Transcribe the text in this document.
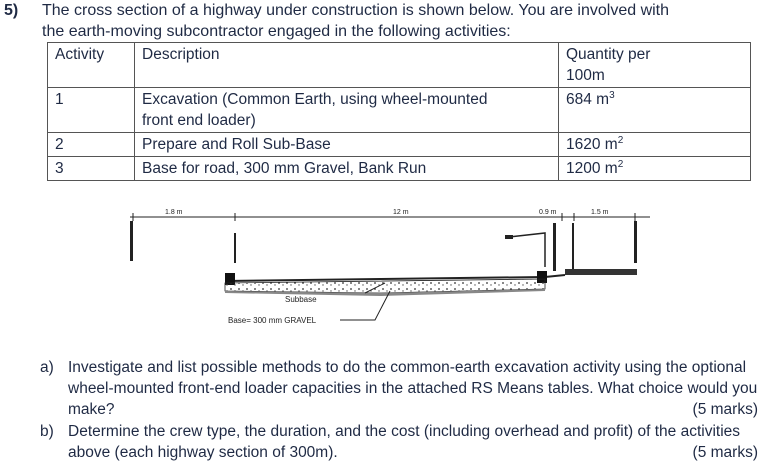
5) The cross section of a highway under construction is shown below. You are involved with
the earth-moving subcontractor engaged in the following activities:
Activity	Description	Quantity per
100m
1	Excavation (Common Earth, using wheel-mounted
front end loader)	684 $m^3$
2	Prepare and Roll Sub-Base	1620 $m^2$
3	Base for road, 300 mm Gravel, Bank Run	1200 $m^2$
1.8 m	12 m	0.9 m	1.5 m
Subbase
Base= 300 mm GRAVEL
a) Investigate and list possible methods to do the common-earth excavation activity using the optional wheel-mounted front-end loader capacities in the attached RS Means tables. What choice would you make?	(5 marks)
b) Determine the crew type, the duration, and the cost (including overhead and profit) of the activities above (each highway section of 300m).	(5 marks)
